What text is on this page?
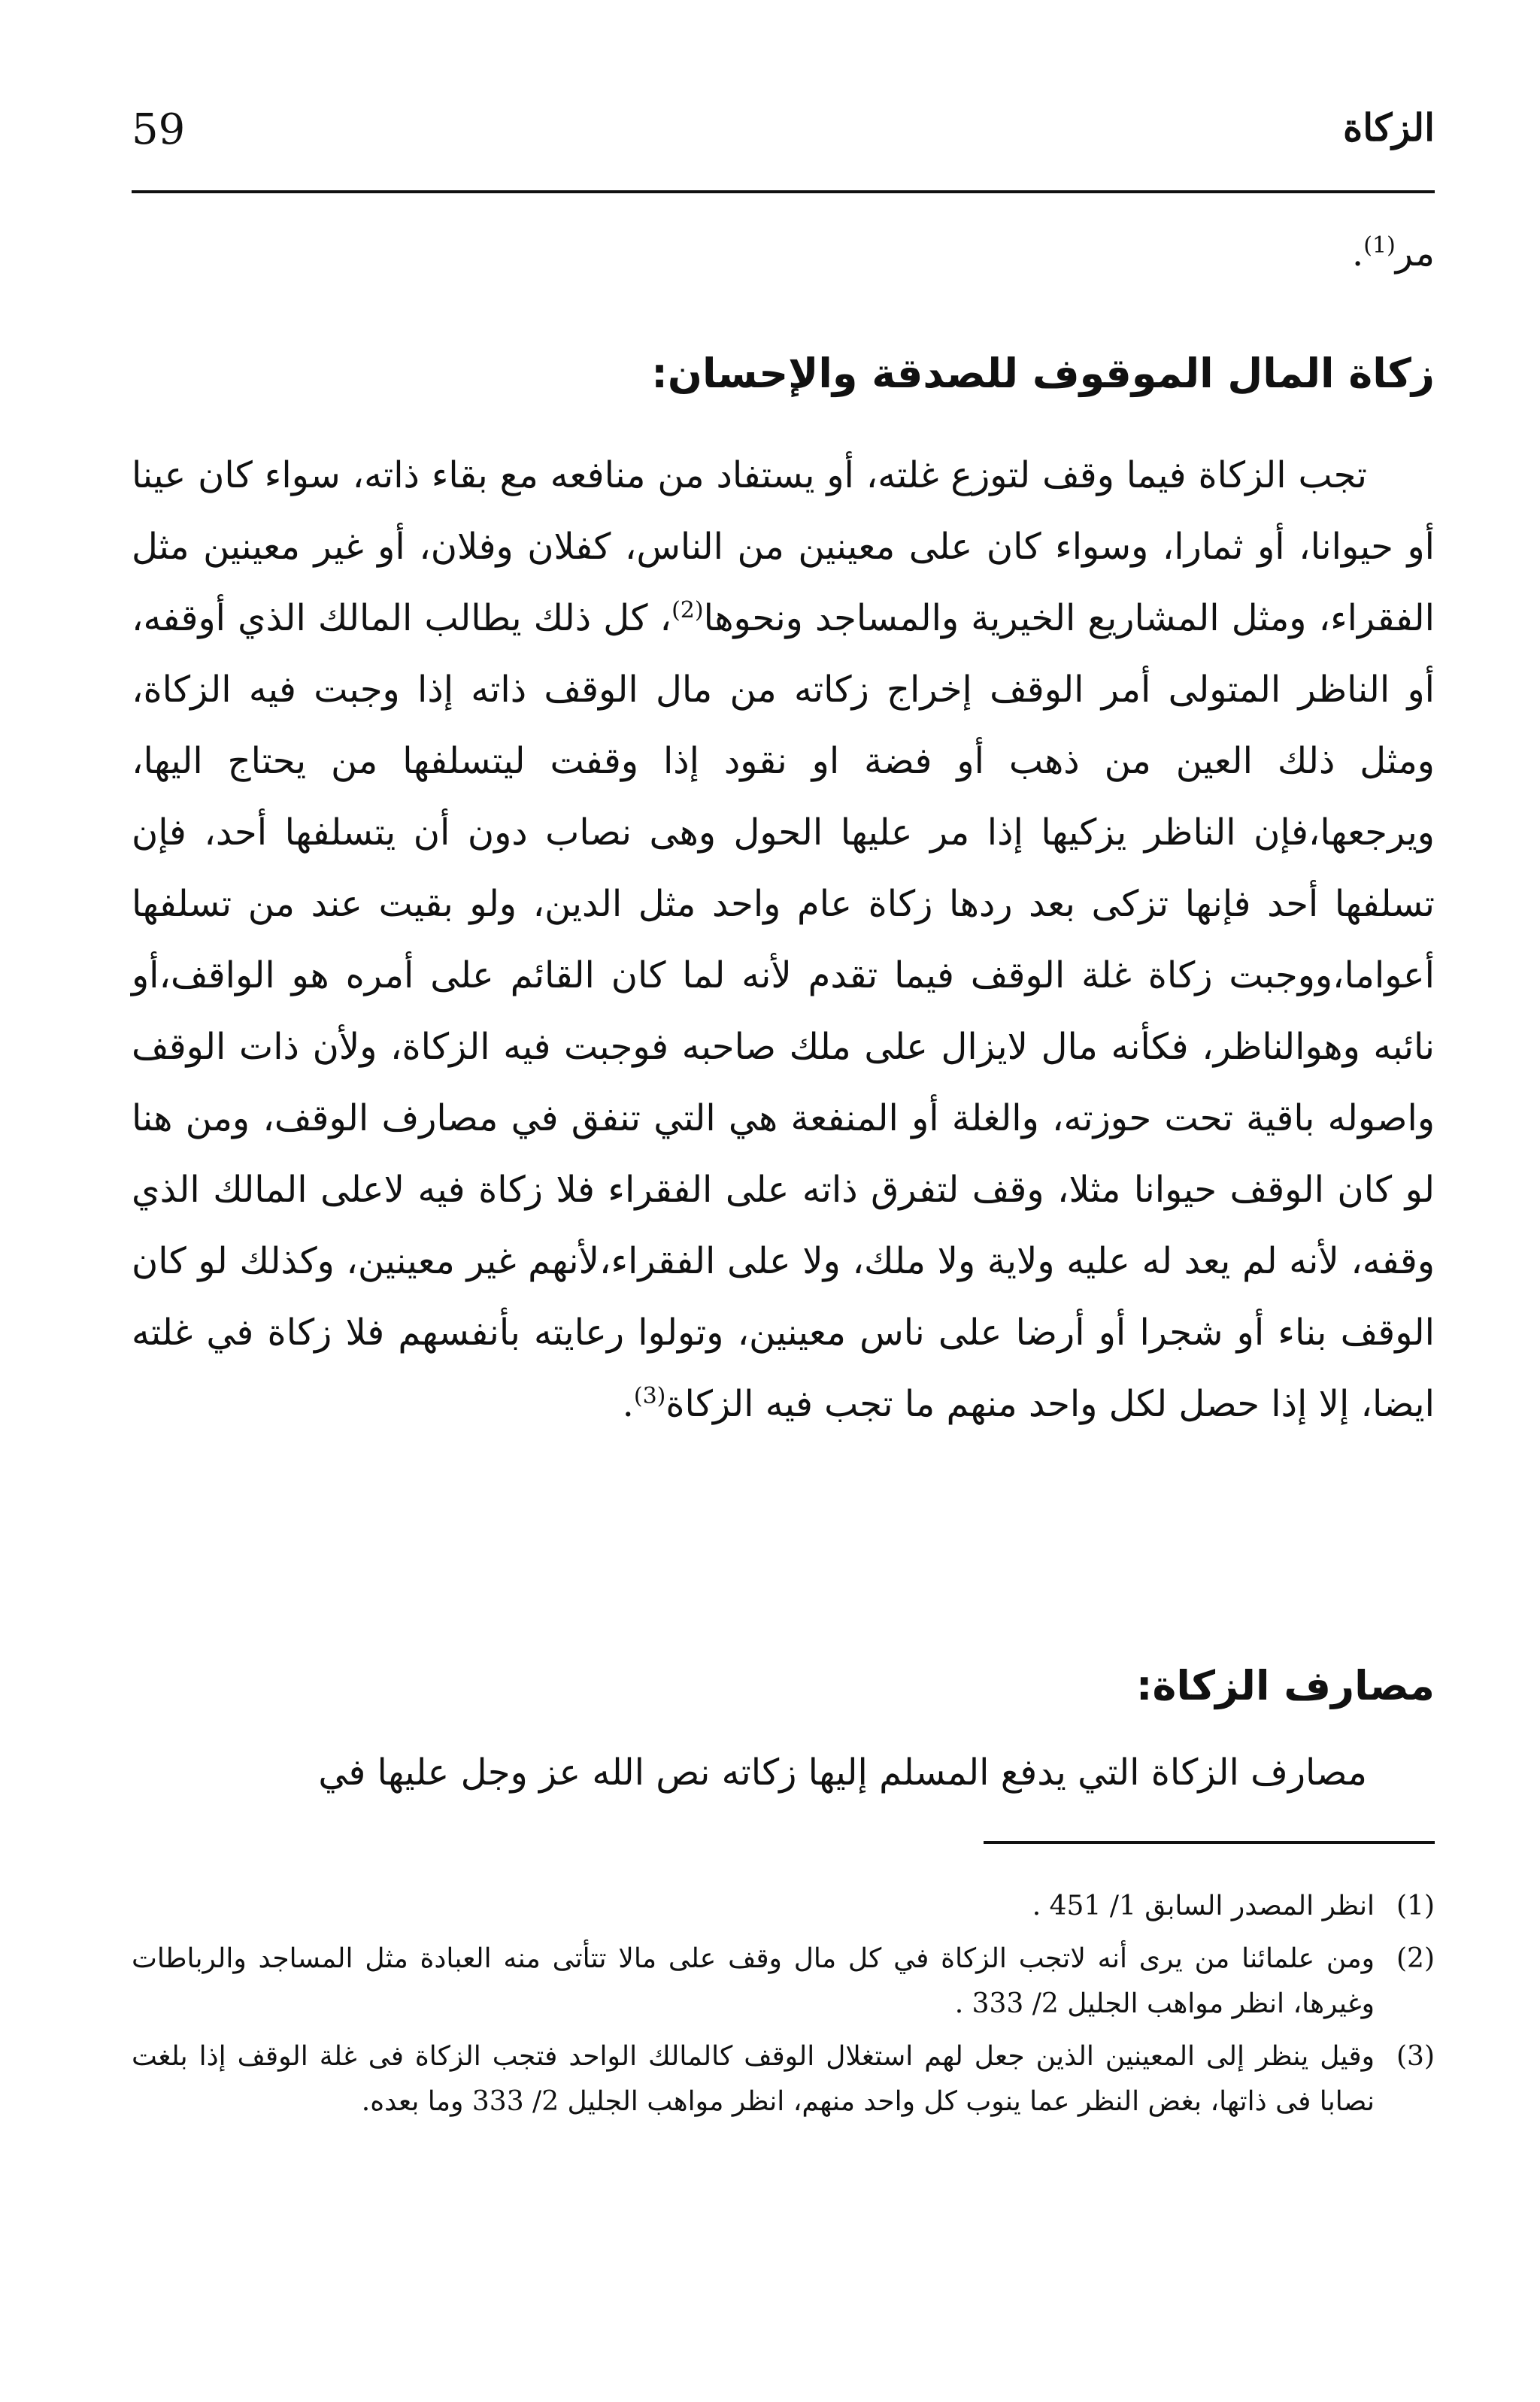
الزكاة
59
مر$^{(1)}$.
زكاة المال الموقوف للصدقة والإحسان:
تجب الزكاة فيما وقف لتوزع غلته، أو يستفاد من منافعه مع بقاء ذاته، سواء كان عينا أو حيوانا، أو ثمارا، وسواء كان على معينين من الناس، كفلان وفلان، أو غير معينين مثل الفقراء، ومثل المشاريع الخيرية والمساجد ونحوها$^{(2)}$، كل ذلك يطالب المالك الذي أوقفه، أو الناظر المتولى أمر الوقف إخراج زكاته من مال الوقف ذاته إذا وجبت فيه الزكاة، ومثل ذلك العين من ذهب أو فضة او نقود إذا وقفت ليتسلفها من يحتاج اليها، ويرجعها،فإن الناظر يزكيها إذا مر عليها الحول وهى نصاب دون أن يتسلفها أحد، فإن تسلفها أحد فإنها تزكى بعد ردها زكاة عام واحد مثل الدين، ولو بقيت عند من تسلفها أعواما،ووجبت زكاة غلة الوقف فيما تقدم لأنه لما كان القائم على أمره هو الواقف،أو نائبه وهوالناظر، فكأنه مال لايزال على ملك صاحبه فوجبت فيه الزكاة، ولأن ذات الوقف واصوله باقية تحت حوزته، والغلة أو المنفعة هي التي تنفق في مصارف الوقف، ومن هنا لو كان الوقف حيوانا مثلا، وقف لتفرق ذاته على الفقراء فلا زكاة فيه لاعلى المالك الذي وقفه، لأنه لم يعد له عليه ولاية ولا ملك، ولا على الفقراء،لأنهم غير معينين، وكذلك لو كان الوقف بناء أو شجرا أو أرضا على ناس معينين، وتولوا رعايته بأنفسهم فلا زكاة في غلته ايضا، إلا إذا حصل لكل واحد منهم ما تجب فيه الزكاة$^{(3)}$.
مصارف الزكاة:
مصارف الزكاة التي يدفع المسلم إليها زكاته نص الله عز وجل عليها في
(1)
انظر المصدر السابق 1/ 451 .
(2)
ومن علمائنا من يرى أنه لاتجب الزكاة في كل مال وقف على مالا تتأتى منه العبادة مثل المساجد والرباطات وغيرها، انظر مواهب الجليل 2/ 333 .
(3)
وقيل ينظر إلى المعينين الذين جعل لهم استغلال الوقف كالمالك الواحد فتجب الزكاة فى غلة الوقف إذا بلغت نصابا فى ذاتها، بغض النظر عما ينوب كل واحد منهم، انظر مواهب الجليل 2/ 333 وما بعده.
